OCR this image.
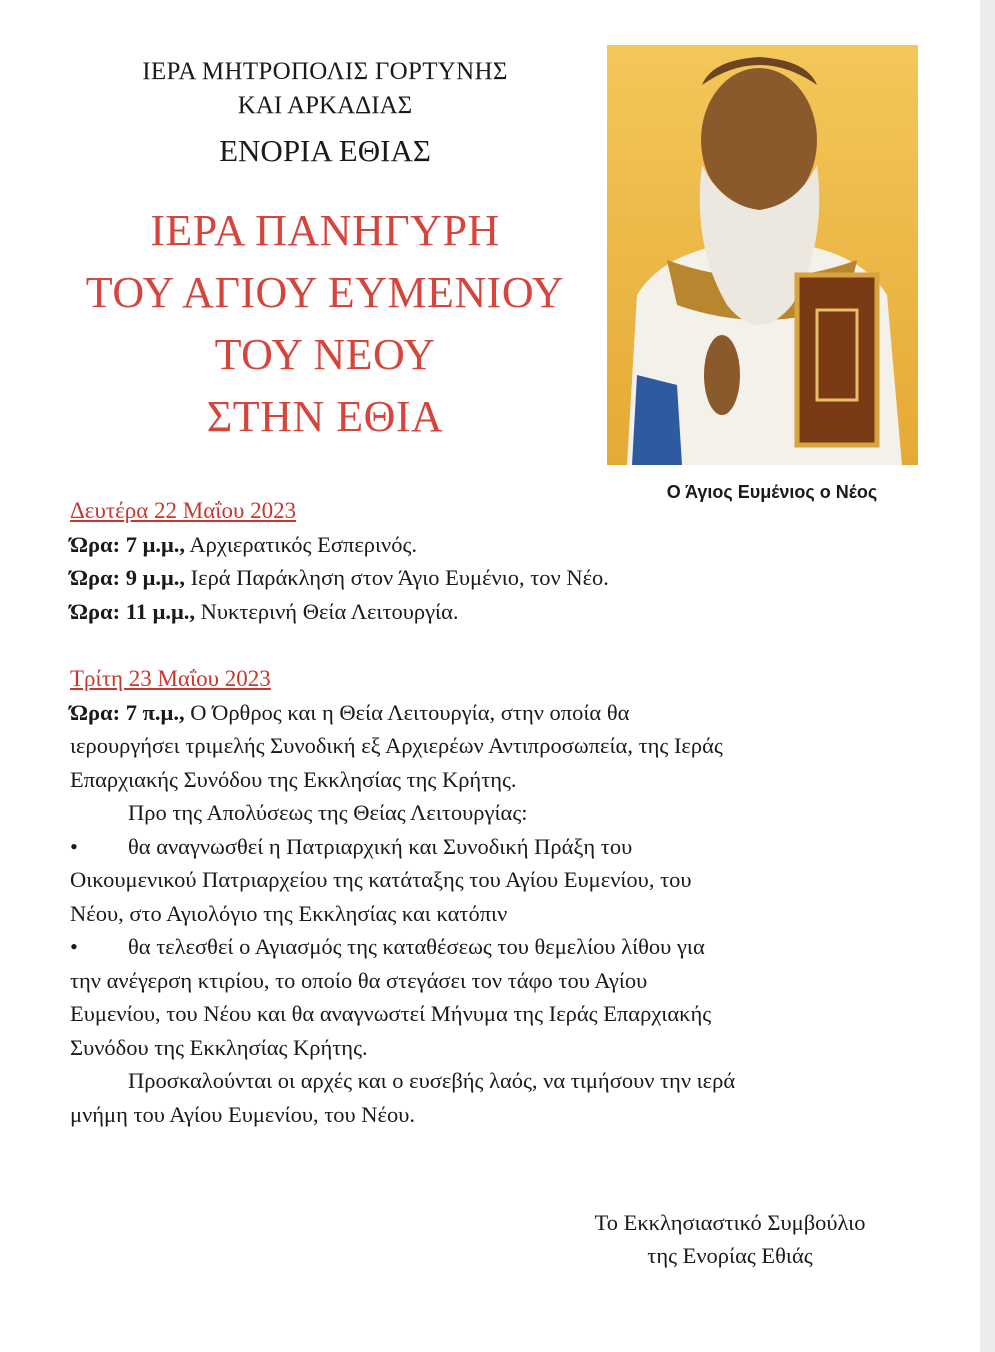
ΙΕΡΑ ΜΗΤΡΟΠΟΛΙΣ ΓΟΡΤΥΝΗΣ
ΚΑΙ ΑΡΚΑΔΙΑΣ
ΕΝΟΡΙΑ ΕΘΙΑΣ
ΙΕΡΑ ΠΑΝΗΓΥΡΗ
ΤΟΥ ΑΓΙΟΥ ΕΥΜΕΝΙΟΥ
ΤΟΥ ΝΕΟΥ
ΣΤΗΝ ΕΘΙΑ
Ο Άγιος Ευμένιος ο Νέος
Δευτέρα 22 Μαΐου 2023
Ώρα: 7 μ.μ., Αρχιερατικός Εσπερινός.
Ώρα: 9 μ.μ., Ιερά Παράκληση στον Άγιο Ευμένιο, τον Νέο.
Ώρα: 11 μ.μ., Νυκτερινή Θεία Λειτουργία.
Τρίτη 23 Μαΐου 2023
Ώρα: 7 π.μ., Ο Όρθρος και η Θεία Λειτουργία, στην οποία θα
ιερουργήσει τριμελής Συνοδική εξ Αρχιερέων Αντιπροσωπεία, της Ιεράς
Επαρχιακής Συνόδου της Εκκλησίας της Κρήτης.
Προ της Απολύσεως της Θείας Λειτουργίας:
• θα αναγνωσθεί η Πατριαρχική και Συνοδική Πράξη του
Οικουμενικού Πατριαρχείου της κατάταξης του Αγίου Ευμενίου, του
Νέου, στο Αγιολόγιο της Εκκλησίας και κατόπιν
• θα τελεσθεί ο Αγιασμός της καταθέσεως του θεμελίου λίθου για
την ανέγερση κτιρίου, το οποίο θα στεγάσει τον τάφο του Αγίου
Ευμενίου, του Νέου και θα αναγνωστεί Μήνυμα της Ιεράς Επαρχιακής
Συνόδου της Εκκλησίας Κρήτης.
Προσκαλούνται οι αρχές και ο ευσεβής λαός, να τιμήσουν την ιερά
μνήμη του Αγίου Ευμενίου, του Νέου.
Το Εκκλησιαστικό Συμβούλιο
της Ενορίας Εθιάς
